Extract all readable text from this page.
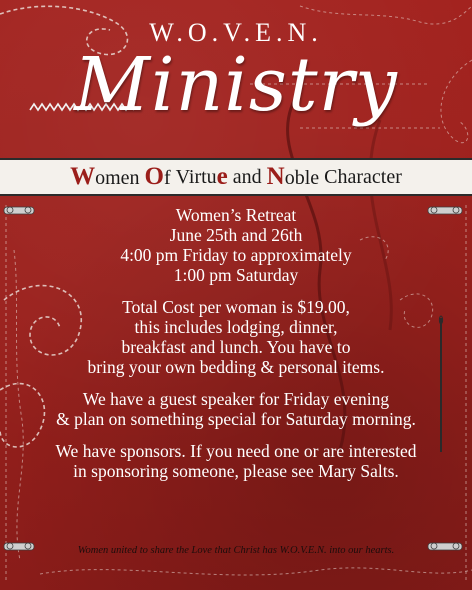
W.O.V.E.N.
Ministry
Women Of Virtu e and Noble Character

Women’s Retreat
June 25th and 26th
4:00 pm Friday to approximately
1:00 pm Saturday

Total Cost per woman is $19.00,
this includes lodging, dinner,
breakfast and lunch. You have to
bring your own bedding & personal items.

We have a guest speaker for Friday evening
& plan on something special for Saturday morning.

We have sponsors. If you need one or are interested
in sponsoring someone, please see Mary Salts.

Women united to share the Love that Christ has W.O.V.E.N. into our hearts.
